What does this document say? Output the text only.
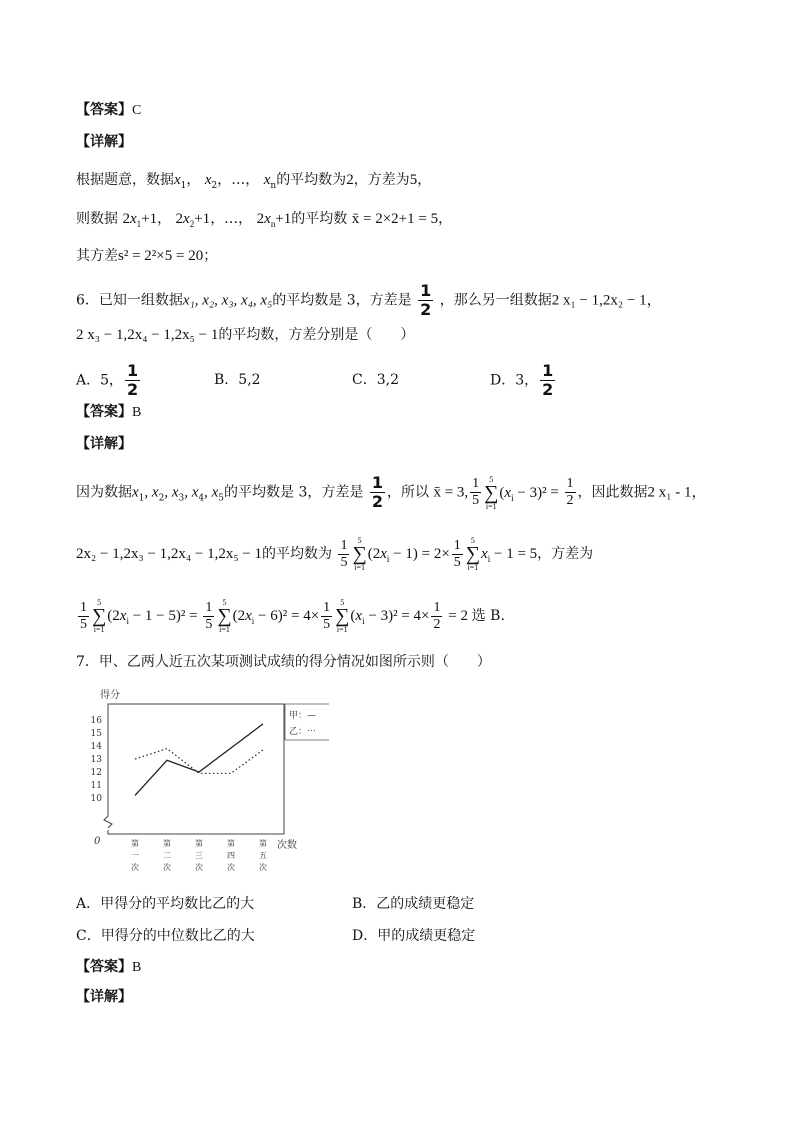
【答案】C
【详解】
根据题意，数据$x_1$， $x_2$，…， $x_n$的平均数为2，方差为5，
则数据 $2x_1+1$， $2x_2+1$，…， $2x_n+1$的平均数 x̄ = 2×2+1 = 5，
其方差s² = 2²×5 = 20；
6．已知一组数据x₁, x₂, x₃, x₄, x₅的平均数是 3，方差是 $\frac{1}{2}$ ，那么另一组数据2 x₁ − 1,2x₂ − 1，
2 x₃ − 1,2x₄ − 1,2x₅ − 1的平均数，方差分别是（　　）
A．5， $\frac{1}{2}$	B．5,2	C．3,2	D．3， $\frac{1}{2}$
【答案】B
【详解】
因为数据$x_1$, $x_2$, $x_3$, $x_4$, $x_5$的平均数是 3，方差是 $\frac{1}{2}$ ，所以 x̄ = 3, $\frac{1}{5} 5$
∑
i=1
$(x_i - 3)^2 = \frac{1}{2}$ ，因此数据2 x₁ - 1，
2x₂ − 1,2x₃ − 1,2x₄ − 1,2x₅ − 1的平均数为 $\frac{1}{5} 5$
∑
i=1
$(2x_i - 1) = 2\times \frac{1}{5} 5$
∑
i=1
$x_i - 1 = 5$，方差为
$\frac{1}{5} 5$
∑
i=1
$(2x_i - 1 - 5)^2 = \frac{1}{5} 5$
∑
i=1
$(2x_i - 6)^2 = 4\times \frac{1}{5} 5$
∑
i=1
$(x_i - 3)^2 = 4\times \frac{1}{2} = 2$ 选 B.
7．甲、乙两人近五次某项测试成绩的得分情况如图所示则（　　）
得分
0	次数
10
11
12
13
14
15
16
第一次
第二次
第三次
第四次
第五次
甲：—
乙：⋯
A．甲得分的平均数比乙的大	B．乙的成绩更稳定
C．甲得分的中位数比乙的大	D．甲的成绩更稳定
【答案】B
【详解】
